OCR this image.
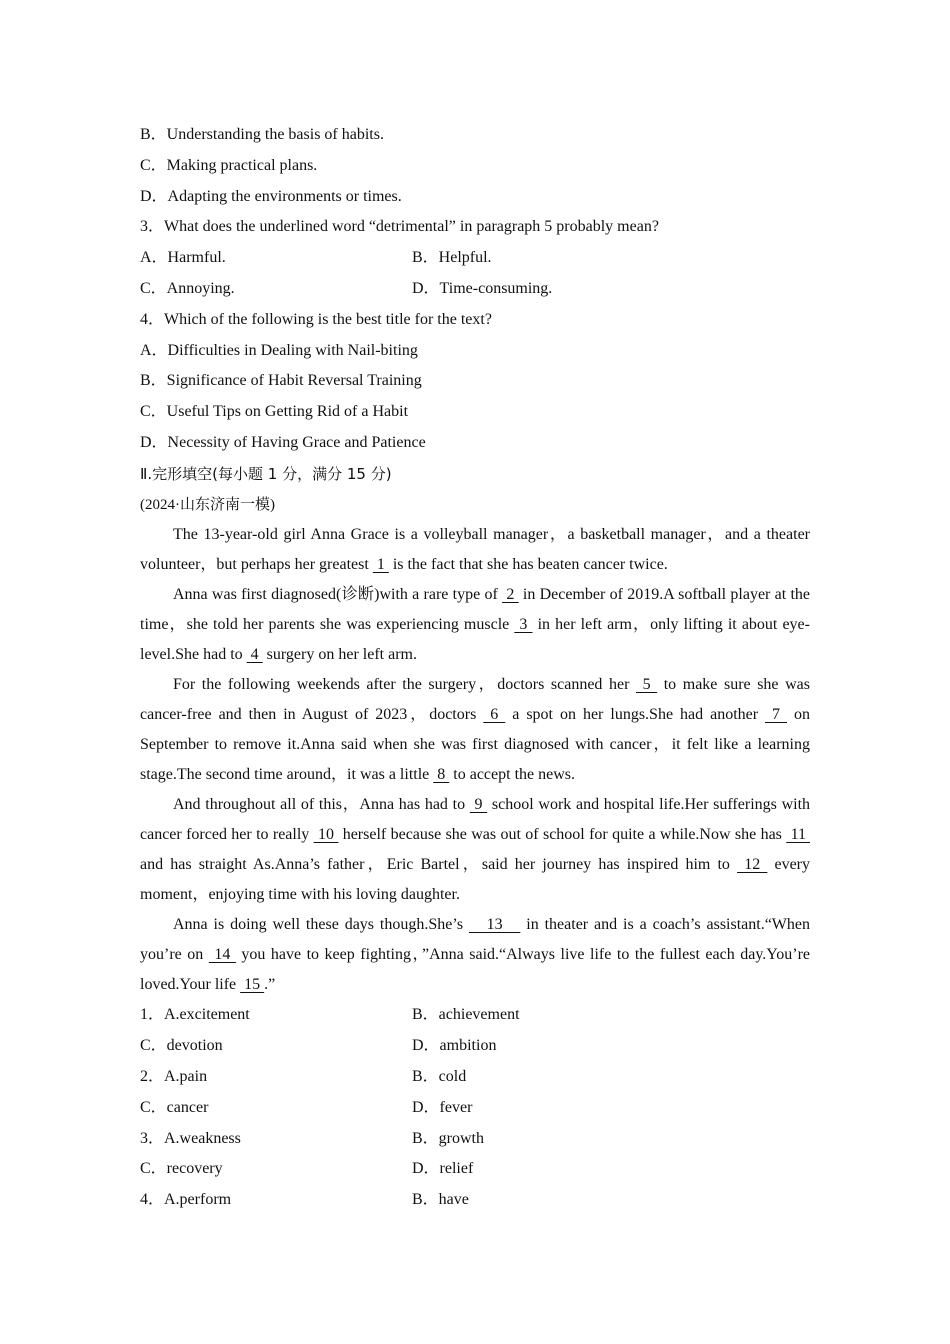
B．Understanding the basis of habits.
C．Making practical plans.
D．Adapting the environments or times.
3．What does the underlined word “detrimental” in paragraph 5 probably mean?
A．Harmful.	B．Helpful.
C．Annoying.	D．Time-consuming.
4．Which of the following is the best title for the text?
A．Difficulties in Dealing with Nail-biting
B．Significance of Habit Reversal Training
C．Useful Tips on Getting Rid of a Habit
D．Necessity of Having Grace and Patience
Ⅱ.完形填空(每小题 1 分，满分 15 分)
(2024·山东济南一模)

The 13-year-old girl Anna Grace is a volleyball manager，a basketball manager，and a theater volunteer，but perhaps her greatest  1  is the fact that she has beaten cancer twice.

Anna was first diagnosed(诊断)with a rare type of  2  in December of 2019.A softball player at the time，she told her parents she was experiencing muscle  3  in her left arm，only lifting it about eye-level.She had to  4  surgery on her left arm.

For the following weekends after the surgery，doctors scanned her  5  to make sure she was cancer-free and then in August of 2023，doctors  6  a spot on her lungs.She had another  7  on September to remove it.Anna said when she was first diagnosed with cancer，it felt like a learning stage.The second time around，it was a little  8  to accept the news.

And throughout all of this，Anna has had to  9  school work and hospital life.Her sufferings with cancer forced her to really  10  herself because she was out of school for quite a while.Now she has  11  and has straight As.Anna’s father，Eric Bartel，said her journey has inspired him to  12  every moment，enjoying time with his loving daughter.

Anna is doing well these days though.She’s    13    in theater and is a coach’s assistant.“When you’re on  14  you have to keep fighting，”Anna said.“Always live life to the fullest each day.You’re loved.Your life  15 .”

1．A.excitement	B．achievement
C．devotion	D．ambition
2．A.pain	B．cold
C．cancer	D．fever
3．A.weakness	B．growth
C．recovery	D．relief
4．A.perform	B．have
